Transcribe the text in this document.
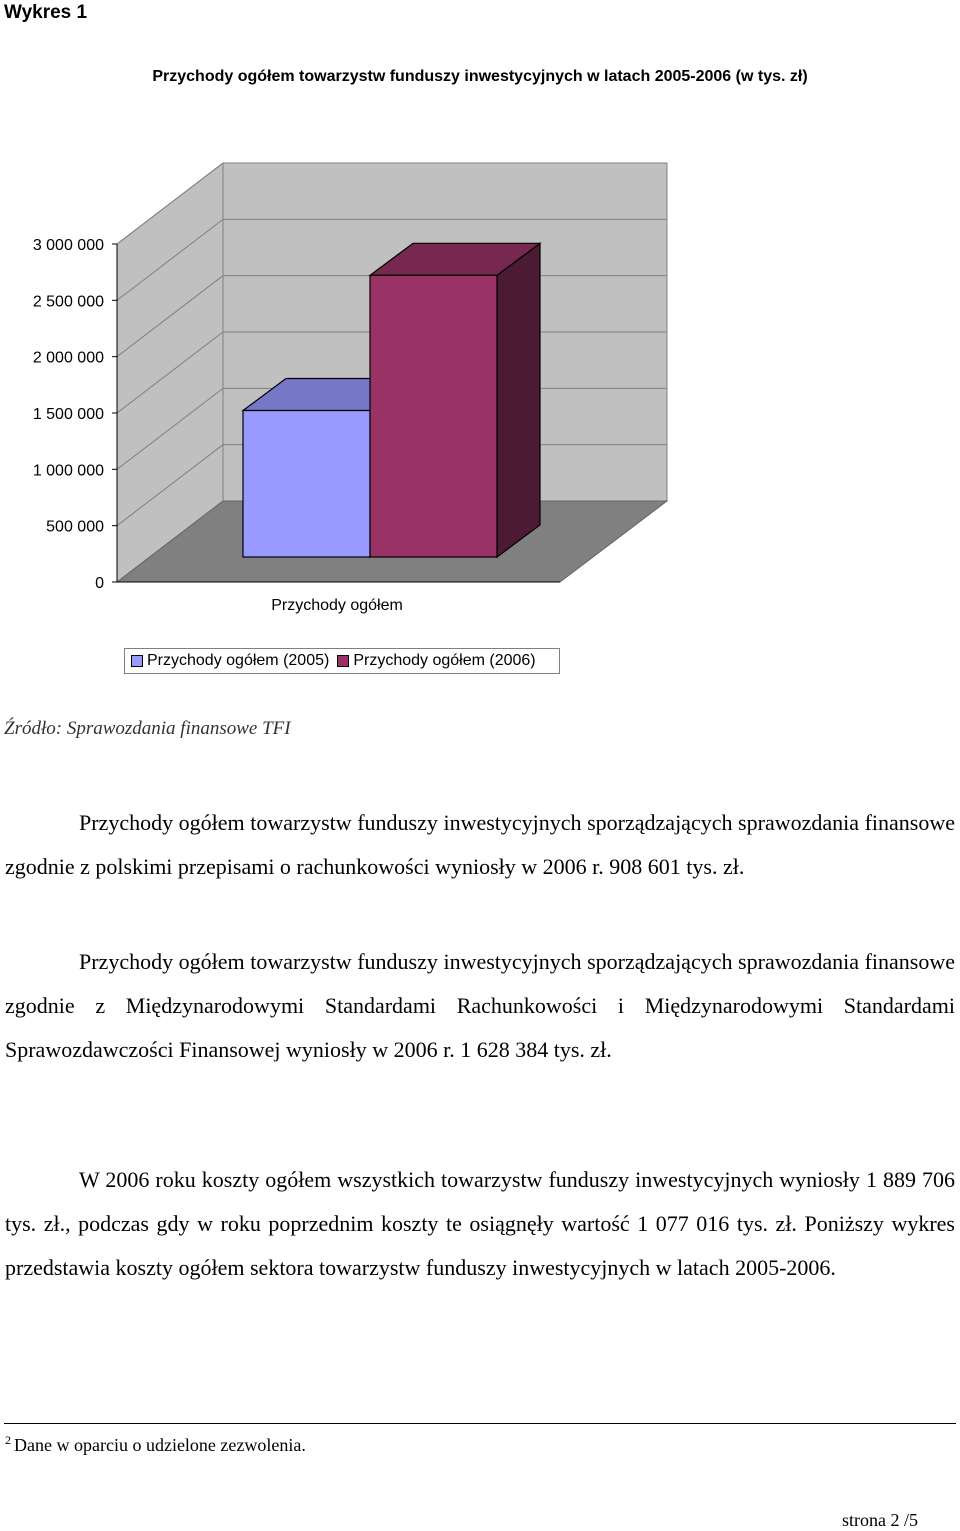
Wykres 1
Przychody ogółem towarzystw funduszy inwestycyjnych w latach 2005-2006 (w tys. zł)
0
500 000
1 000 000
1 500 000
2 000 000
2 500 000
3 000 000
Przychody ogółem
Przychody ogółem (2005) Przychody ogółem (2006)
Źródło: Sprawozdania finansowe TFI

Przychody ogółem towarzystw funduszy inwestycyjnych sporządzających sprawozdania finansowe zgodnie z polskimi przepisami o rachunkowości wyniosły w 2006 r. 908 601 tys. zł.

Przychody ogółem towarzystw funduszy inwestycyjnych sporządzających sprawozdania finansowe zgodnie z Międzynarodowymi Standardami Rachunkowości i Międzynarodowymi Standardami Sprawozdawczości Finansowej wyniosły w 2006 r. 1 628 384 tys. zł.

W 2006 roku koszty ogółem wszystkich towarzystw funduszy inwestycyjnych wyniosły 1 889 706 tys. zł., podczas gdy w roku poprzednim koszty te osiągnęły wartość 1 077 016 tys. zł. Poniższy wykres przedstawia koszty ogółem sektora towarzystw funduszy inwestycyjnych w latach 2005-2006.

$^2$ Dane w oparciu o udzielone zezwolenia.
strona 2 /5
